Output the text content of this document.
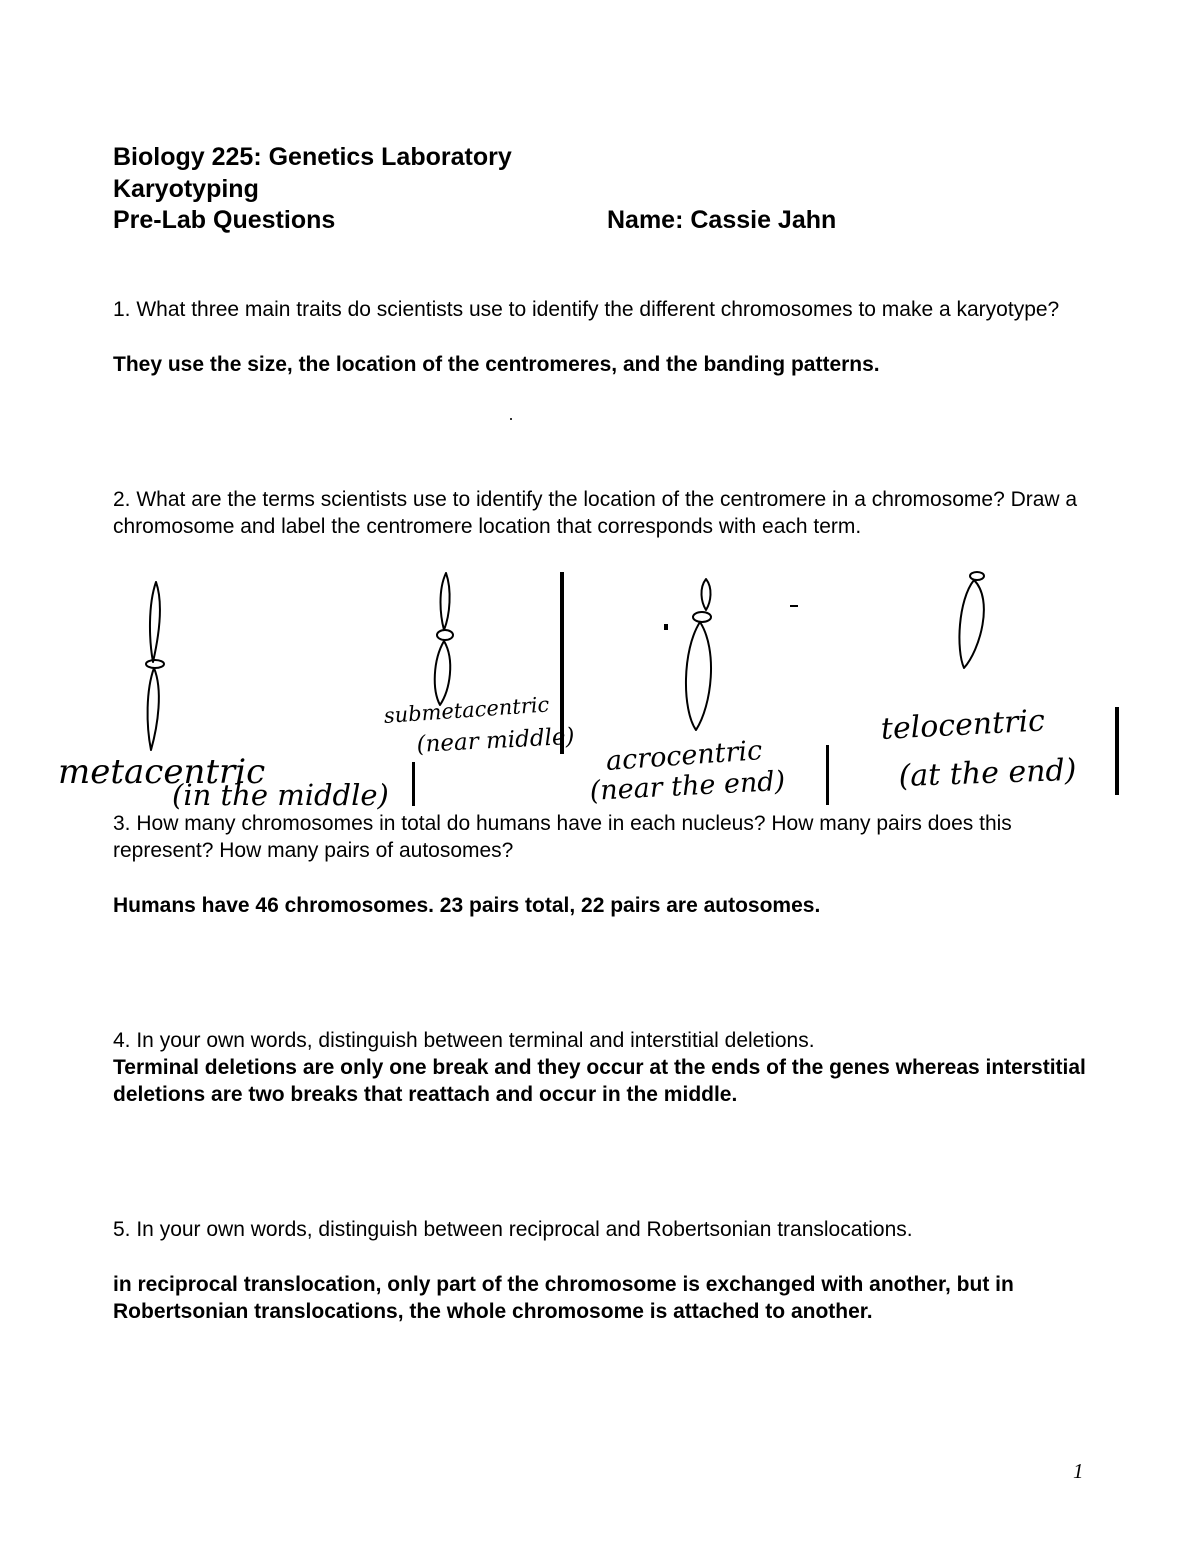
Biology 225: Genetics Laboratory
Karyotyping
Pre-Lab Questions	Name: Cassie Jahn
1. What three main traits do scientists use to identify the different chromosomes to make a karyotype?
They use the size, the location of the centromeres, and the banding patterns.
2. What are the terms scientists use to identify the location of the centromere in a chromosome? Draw a chromosome and label the centromere location that corresponds with each term.
metacentric
(in the middle)
submetacentric
(near middle) acrocentric
(near the end)
telocentric
(at the end)
3. How many chromosomes in total do humans have in each nucleus? How many pairs does this represent? How many pairs of autosomes?
Humans have 46 chromosomes. 23 pairs total, 22 pairs are autosomes.
4. In your own words, distinguish between terminal and interstitial deletions.
Terminal deletions are only one break and they occur at the ends of the genes whereas interstitial deletions are two breaks that reattach and occur in the middle.
5. In your own words, distinguish between reciprocal and Robertsonian translocations.
in reciprocal translocation, only part of the chromosome is exchanged with another, but in Robertsonian translocations, the whole chromosome is attached to another.
1
